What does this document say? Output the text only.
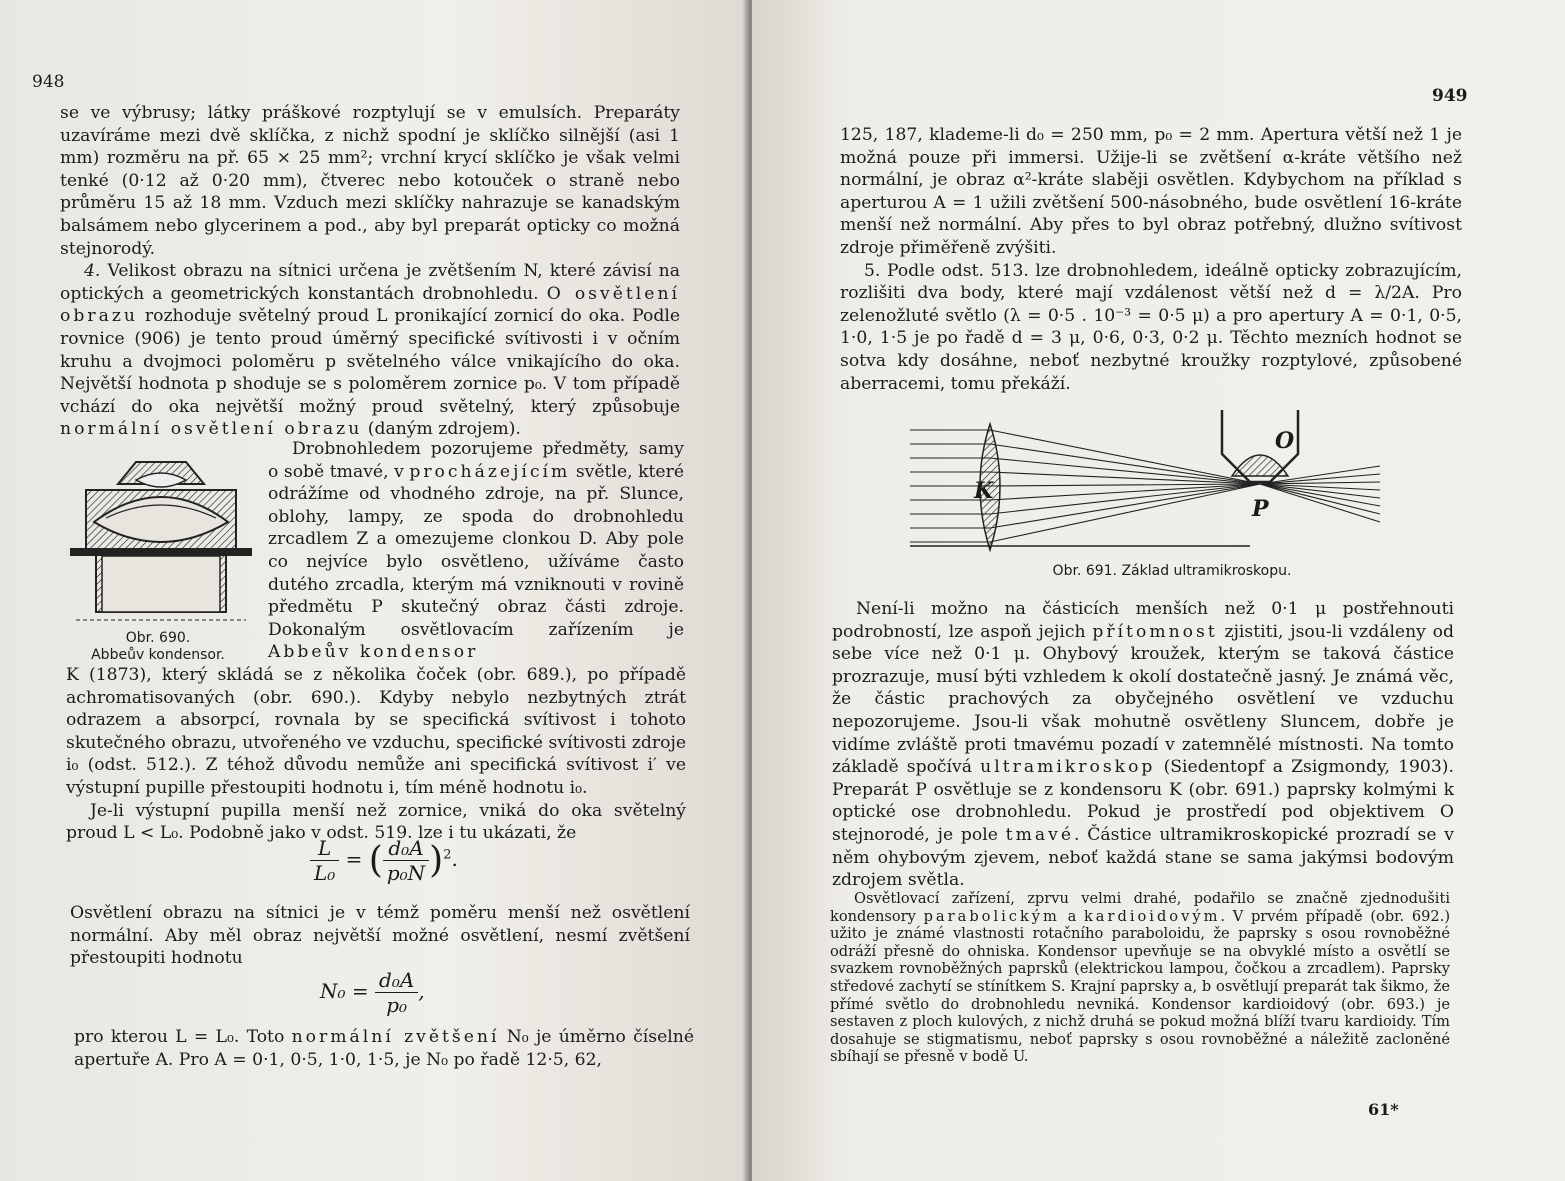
948

se ve výbrusy; látky práškové rozptylují se v emulsích. Preparáty uzavíráme mezi dvě sklíčka, z nichž spodní je sklíčko silnější (asi 1 mm) rozměru na př. 65 × 25 mm²; vrchní krycí sklíčko je však velmi tenké (0·12 až 0·20 mm), čtverec nebo kotouček o straně nebo průměru 15 až 18 mm. Vzduch mezi sklíčky nahrazuje se kanadským balsámem nebo glycerinem a pod., aby byl preparát opticky co možná stejnorodý.

4. Velikost obrazu na sítnici určena je zvětšením N, které závisí na optických a geometrických konstantách drobnohledu. O osvětlení obrazu rozhoduje světelný proud L pronikající zornicí do oka. Podle rovnice (906) je tento proud úměrný specifické svítivosti i v očním kruhu a dvojmoci poloměru p světelného válce vnikajícího do oka. Největší hodnota p shoduje se s poloměrem zornice p₀. V tom případě vchází do oka největší možný proud světelný, který způsobuje normální osvětlení obrazu (daným zdrojem).

Obr. 690.
Abbeův kondensor.

Drobnohledem pozorujeme předměty, samy o sobě tmavé, v procházejícím světle, které odrážíme od vhodného zdroje, na př. Slunce, oblohy, lampy, ze spoda do drobnohledu zrcadlem Z a omezujeme clonkou D. Aby pole co nejvíce bylo osvětleno, užíváme často dutého zrcadla, kterým má vzniknouti v rovině předmětu P skutečný obraz části zdroje. Dokonalým osvětlovacím zařízením je Abbeův kondensor

K (1873), který skládá se z několika čoček (obr. 689.), po případě achromatisovaných (obr. 690.). Kdyby nebylo nezbytných ztrát odrazem a absorpcí, rovnala by se specifická svítivost i tohoto skutečného obrazu, utvořeného ve vzduchu, specifické svítivosti zdroje i₀ (odst. 512.). Z téhož důvodu nemůže ani specifická svítivost i′ ve výstupní pupille přestoupiti hodnotu i, tím méně hodnotu i₀.

Je-li výstupní pupilla menší než zornice, vniká do oka světelný proud L < L₀. Podobně jako v odst. 519. lze i tu ukázati, že

$\frac{L}{\text{L₀}}$ = ( $\frac{\text{d₀A}}{\text{p₀N}} )^2$.

Osvětlení obrazu na sítnici je v témž poměru menší než osvětlení normální. Aby měl obraz největší možné osvětlení, nesmí zvětšení přestoupiti hodnotu

$N_0 = \frac{\text{d₀A}}{\text{p₀}}$ ,

pro kterou L = L₀. Toto normální zvětšení N₀ je úměrno číselné apertuře A. Pro A = 0·1, 0·5, 1·0, 1·5, je N₀ po řadě 12·5, 62,

949

125, 187, klademe-li d₀ = 250 mm, p₀ = 2 mm. Apertura větší než 1 je možná pouze při immersi. Užije-li se zvětšení α-kráte většího než normální, je obraz α²-kráte slaběji osvětlen. Kdybychom na příklad s aperturou A = 1 užili zvětšení 500-násobného, bude osvětlení 16-kráte menší než normální. Aby přes to byl obraz potřebný, dlužno svítivost zdroje přiměřeně zvýšiti.

5. Podle odst. 513. lze drobnohledem, ideálně opticky zobrazujícím, rozlišiti dva body, které mají vzdálenost větší než d = λ/2A. Pro zelenožluté světlo (λ = 0·5 . 10⁻³ = 0·5 μ) a pro apertury A = 0·1, 0·5, 1·0, 1·5 je po řadě d = 3 μ, 0·6, 0·3, 0·2 μ. Těchto mezních hodnot se sotva kdy dosáhne, neboť nezbytné kroužky rozptylové, způsobené aberracemi, tomu překáží.

K
O
P
Obr. 691. Základ ultramikroskopu.

Není-li možno na částicích menších než 0·1 μ postřehnouti podrobností, lze aspoň jejich přítomnost zjistiti, jsou-li vzdáleny od sebe více než 0·1 μ. Ohybový kroužek, kterým se taková částice prozrazuje, musí býti vzhledem k okolí dostatečně jasný. Je známá věc, že částic prachových za obyčejného osvětlení ve vzduchu nepozorujeme. Jsou-li však mohutně osvětleny Sluncem, dobře je vidíme zvláště proti tmavému pozadí v zatemnělé místnosti. Na tomto základě spočívá ultramikroskop (Siedentopf a Zsigmondy, 1903). Preparát P osvětluje se z kondensoru K (obr. 691.) paprsky kolmými k optické ose drobnohledu. Pokud je prostředí pod objektivem O stejnorodé, je pole tmavé. Částice ultramikroskopické prozradí se v něm ohybovým zjevem, neboť každá stane se sama jakýmsi bodovým zdrojem světla.

Osvětlovací zařízení, zprvu velmi drahé, podařilo se značně zjednodušiti kondensory parabolickým a kardioidovým. V prvém případě (obr. 692.) užito je známé vlastnosti rotačního paraboloidu, že paprsky s osou rovnoběžné odráží přesně do ohniska. Kondensor upevňuje se na obvyklé místo a osvětlí se svazkem rovnoběžných paprsků (elektrickou lampou, čočkou a zrcadlem). Paprsky středové zachytí se stínítkem S. Krajní paprsky a, b osvětlují preparát tak šikmo, že přímé světlo do drobnohledu nevniká. Kondensor kardioidový (obr. 693.) je sestaven z ploch kulových, z nichž druhá se pokud možná blíží tvaru kardioidy. Tím dosahuje se stigmatismu, neboť paprsky s osou rovnoběžné a náležitě zacloněné sbíhají se přesně v bodě U.

61*
